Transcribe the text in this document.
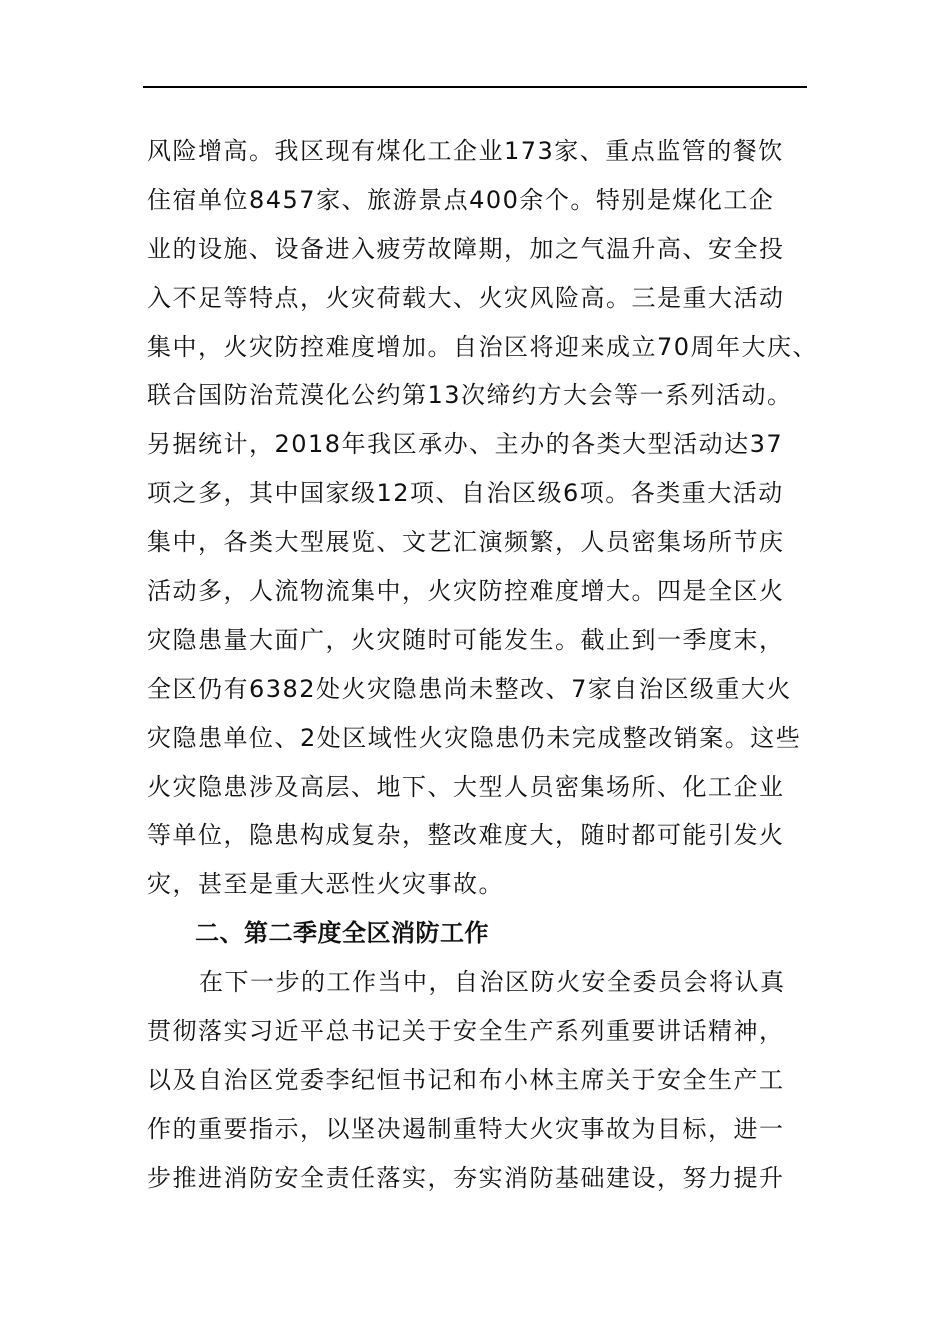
风险增高。我区现有煤化工企业173家、重点监管的餐饮
住宿单位8457家、旅游景点400余个。特别是煤化工企
业的设施、设备进入疲劳故障期，加之气温升高、安全投
入不足等特点，火灾荷载大、火灾风险高。三是重大活动
集中，火灾防控难度增加。自治区将迎来成立70周年大庆、
联合国防治荒漠化公约第13次缔约方大会等一系列活动。
另据统计，2018年我区承办、主办的各类大型活动达37
项之多，其中国家级12项、自治区级6项。各类重大活动
集中，各类大型展览、文艺汇演频繁，人员密集场所节庆
活动多，人流物流集中，火灾防控难度增大。四是全区火
灾隐患量大面广，火灾随时可能发生。截止到一季度末，
全区仍有6382处火灾隐患尚未整改、7家自治区级重大火
灾隐患单位、2处区域性火灾隐患仍未完成整改销案。这些
火灾隐患涉及高层、地下、大型人员密集场所、化工企业
等单位，隐患构成复杂，整改难度大，随时都可能引发火
灾，甚至是重大恶性火灾事故。
二、第二季度全区消防工作
在下一步的工作当中，自治区防火安全委员会将认真
贯彻落实习近平总书记关于安全生产系列重要讲话精神，
以及自治区党委李纪恒书记和布小林主席关于安全生产工
作的重要指示，以坚决遏制重特大火灾事故为目标，进一
步推进消防安全责任落实，夯实消防基础建设，努力提升
